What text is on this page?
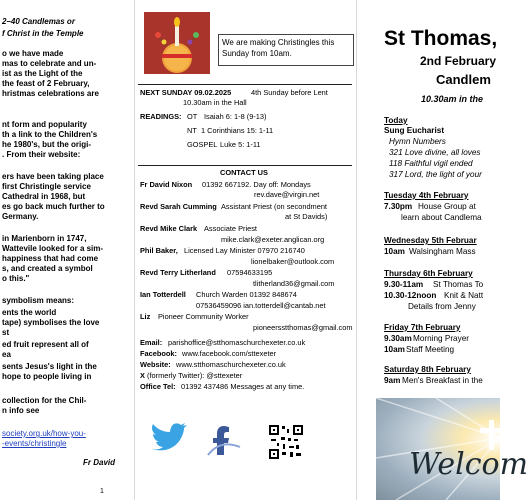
2–40 Candlemas or
f Christ in the Temple
o we have made
mas to celebrate and un-
ist as the Light of the
the feast of 2 February,
hristmas celebrations are
nt form and popularity
th a link to the Children's
he 1980's, but the origi-
. From their website:
ers have been taking place
first Christingle service
Cathedral in 1968, but
es go back much further to
Germany.
in Marienborn in 1747,
Wattevile looked for a sim-
happiness that had come
s, and created a symbol
o this."
symbolism means:
ents the world
tape) symbolises the love
st
ed fruit represent all of
ea
sents Jesus's light in the
hope to people living in
collection for the Chil-
n info see
society.org.uk/how-you-
-events/christingle
Fr David
1
We are making Christingles this
Sunday from 10am.
NEXT SUNDAY 09.02.2025	4th Sunday before Lent
10.30am in the Hall
READINGS: OT Isaiah 6: 1-8 (9-13)
NT 1 Corinthians 15: 1-11
GOSPEL Luke 5: 1-11
CONTACT US
Fr David Nixon 01392 667192. Day off: Mondays
rev.dave@virgin.net
Revd Sarah Cumming Assistant Priest (on secondment
at St Davids)
Revd Mike Clark Associate Priest
mike.clark@exeter.anglican.org
Phil Baker, Licensed Lay Minister 07970 216740
lionelbaker@outlook.com
Revd Terry Litherland 07594633195
tlitherland36@gmail.com
Ian Totterdell Church Warden 01392 848674
07536459096 ian.totterdell@cantab.net
Liz Pioneer Community Worker
pioneersstthomas@gmail.com
Email: parishoffice@stthomaschurchexeter.co.uk
Facebook: www.facebook.com/sttexeter
Website: www.stthomaschurchexeter.co.uk
X (formerly Twitter): @sttexeter
Office Tel: 01392 437486 Messages at any time.
St Thomas,
2nd February
Candlem
10.30am in the
Today
Sung Eucharist
Hymn Numbers
321 Love divine, all loves
118 Faithful vigil ended
317 Lord, the light of your
Tuesday 4th February
7.30pm House Group at
learn about Candlema
Wednesday 5th Februar
10am Walsingham Mass
Thursday 6th February
9.30-11am St Thomas To
10.30-12noon Knit & Natt
Details from Jenny
Friday 7th February
9.30am Morning Prayer
10am Staff Meeting
Saturday 8th February
9am Men's Breakfast in the
Welcom
